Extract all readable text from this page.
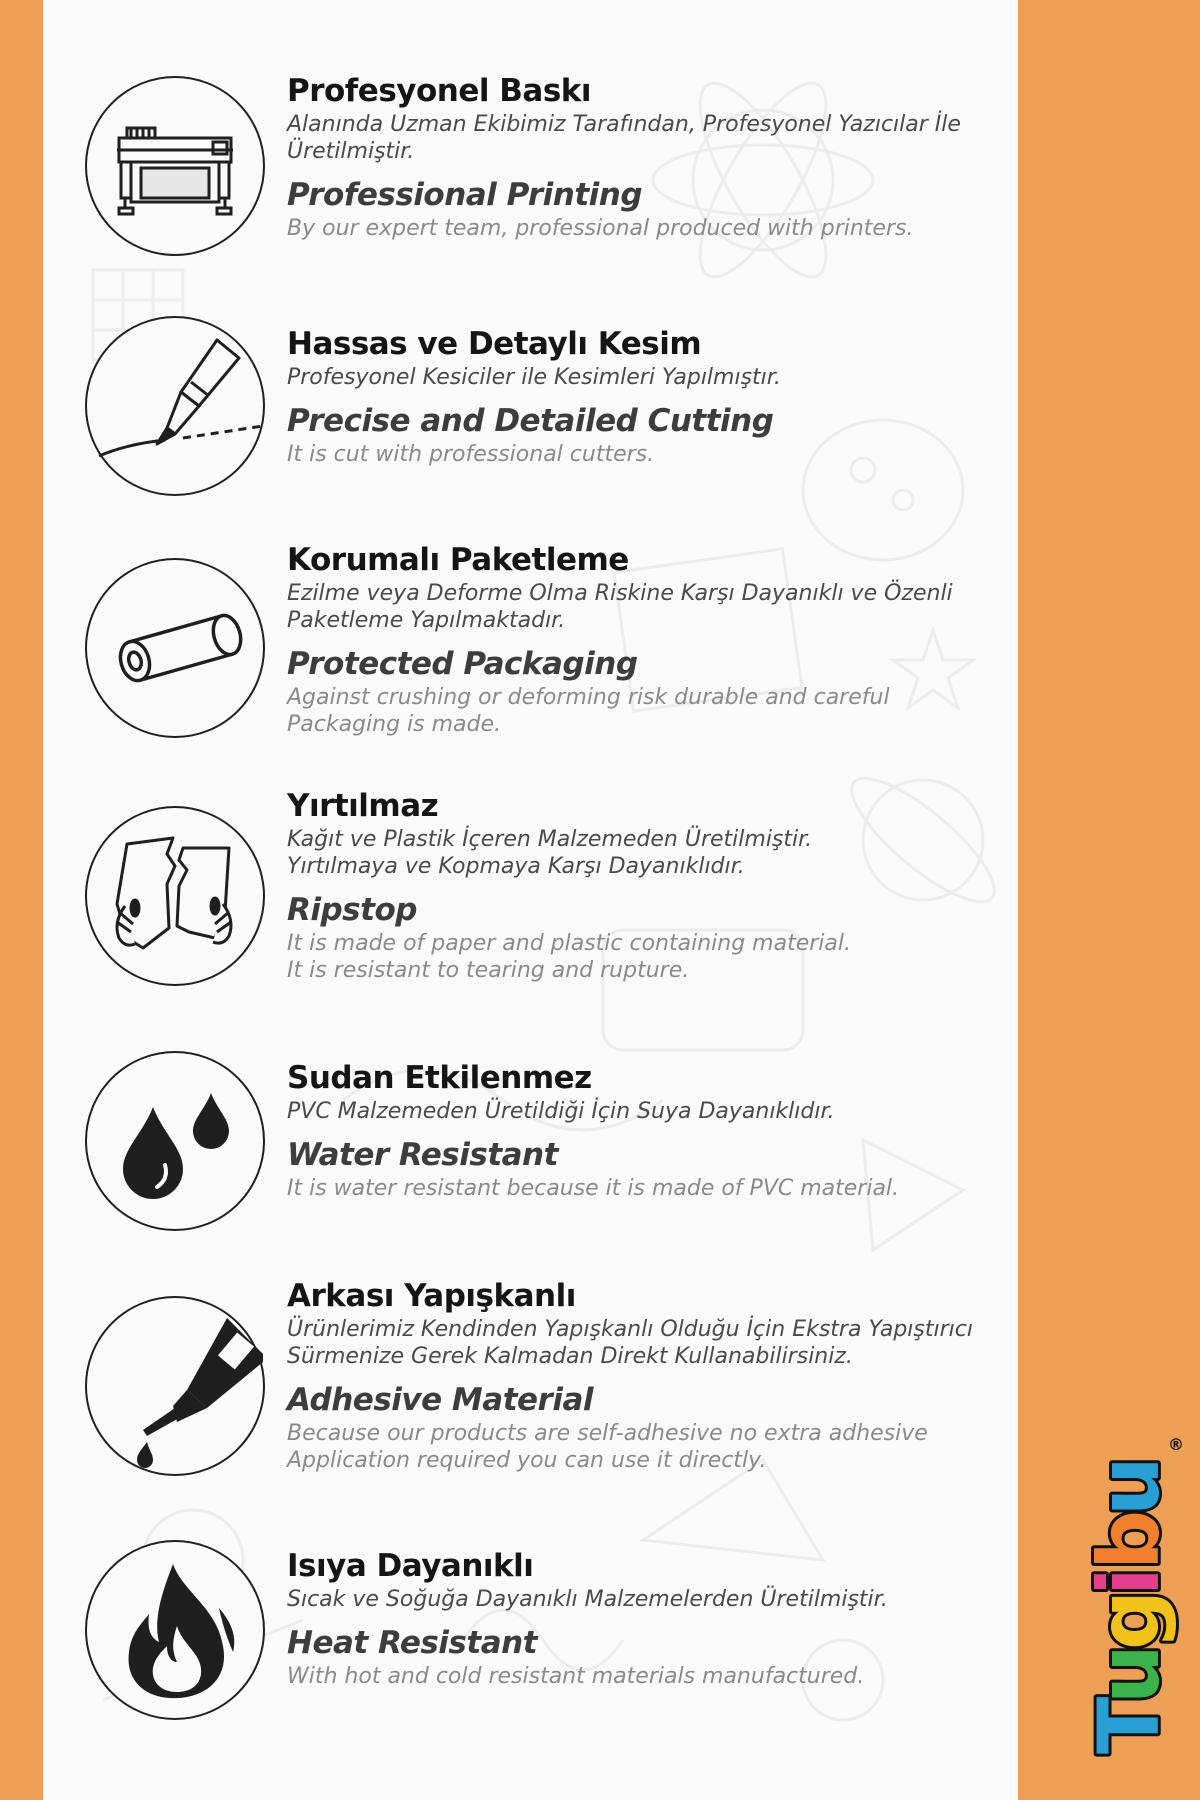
Profesyonel Baskı
Alanında Uzman Ekibimiz Tarafından, Profesyonel Yazıcılar İle
Üretilmiştir.
Professional Printing
By our expert team, professional produced with printers.
Hassas ve Detaylı Kesim
Profesyonel Kesiciler ile Kesimleri Yapılmıştır.
Precise and Detailed Cutting
It is cut with professional cutters.
Korumalı Paketleme
Ezilme veya Deforme Olma Riskine Karşı Dayanıklı ve Özenli
Paketleme Yapılmaktadır.
Protected Packaging
Against crushing or deforming risk durable and careful
Packaging is made.
Yırtılmaz
Kağıt ve Plastik İçeren Malzemeden Üretilmiştir.
Yırtılmaya ve Kopmaya Karşı Dayanıklıdır.
Ripstop
It is made of paper and plastic containing material.
It is resistant to tearing and rupture.
Sudan Etkilenmez
PVC Malzemeden Üretildiği İçin Suya Dayanıklıdır.
Water Resistant
It is water resistant because it is made of PVC material.
Arkası Yapışkanlı
Ürünlerimiz Kendinden Yapışkanlı Olduğu İçin Ekstra Yapıştırıcı
Sürmenize Gerek Kalmadan Direkt Kullanabilirsiniz.
Adhesive Material
Because our products are self-adhesive no extra adhesive
Application required you can use it directly.
Isıya Dayanıklı
Sıcak ve Soğuğa Dayanıklı Malzemelerden Üretilmiştir.
Heat Resistant
With hot and cold resistant materials manufactured.
T
u
g
i
b
u
®
